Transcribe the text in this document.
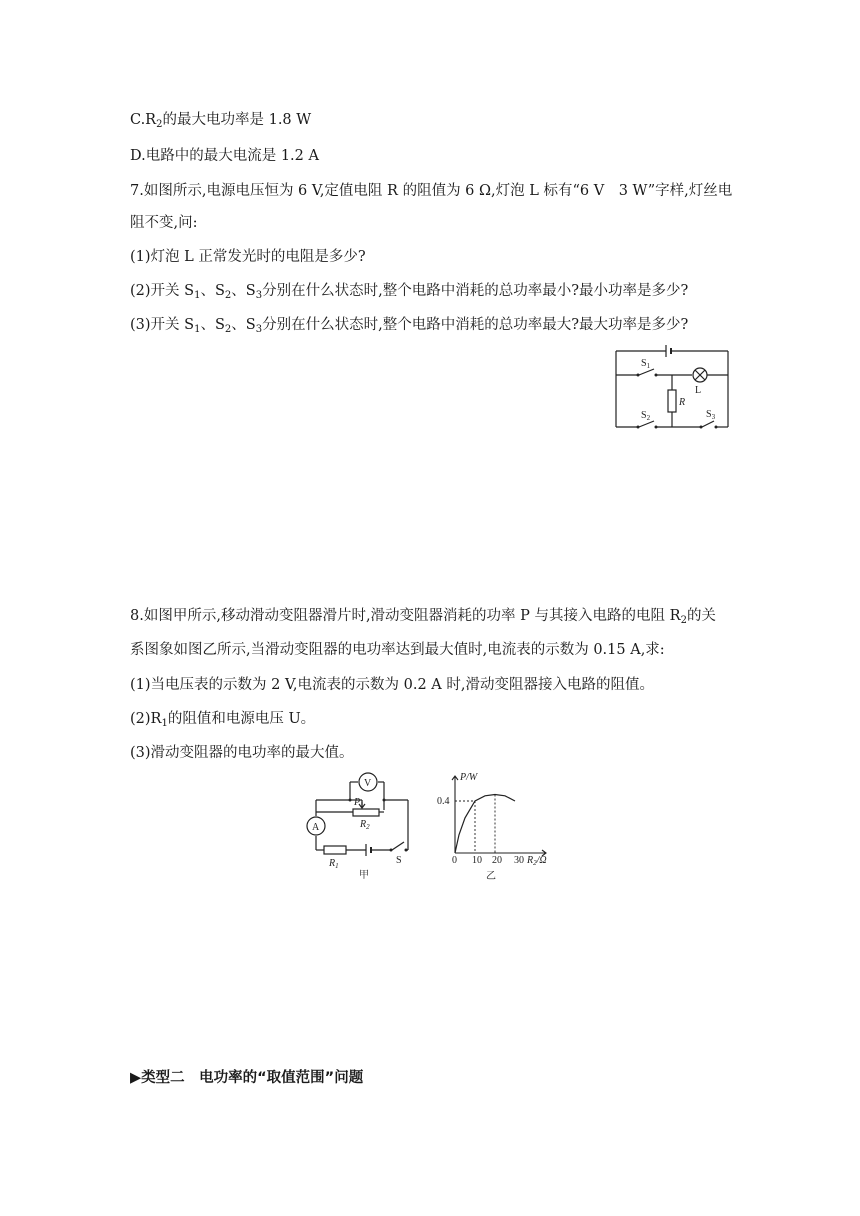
$C.R_2$的最大电功率是 1.8 W
D.电路中的最大电流是 1.2 A
7.如图所示,电源电压恒为 6 V,定值电阻 R 的阻值为 6 Ω,灯泡 L 标有“6 V　3 W”字样,灯丝电
阻不变,问:
(1)灯泡 L 正常发光时的电阻是多少?
(2)开关 $S_1$、$S_2$、$S_3$分别在什么状态时,整个电路中消耗的总功率最小?最小功率是多少?
(3)开关 $S_1$、$S_2$、$S_3$分别在什么状态时,整个电路中消耗的总功率最大?最大功率是多少?
$S_1$
L
R
$S_2$	$S_3$
8.如图甲所示,移动滑动变阻器滑片时,滑动变阻器消耗的功率 P 与其接入电路的电阻 $R_2$的关
系图象如图乙所示,当滑动变阻器的电功率达到最大值时,电流表的示数为 0.15 A,求:
(1)当电压表的示数为 2 V,电流表的示数为 0.2 A 时,滑动变阻器接入电路的阻值。
$(2)R_1$的阻值和电源电压 U。
(3)滑动变阻器的电功率的最大值。
V
A
P
$R_2$
$R_1$	S
甲
P/W
0.4
0 10 20 30 $R_2/\Omega$
乙
▶类型二　电功率的“取值范围”问题
